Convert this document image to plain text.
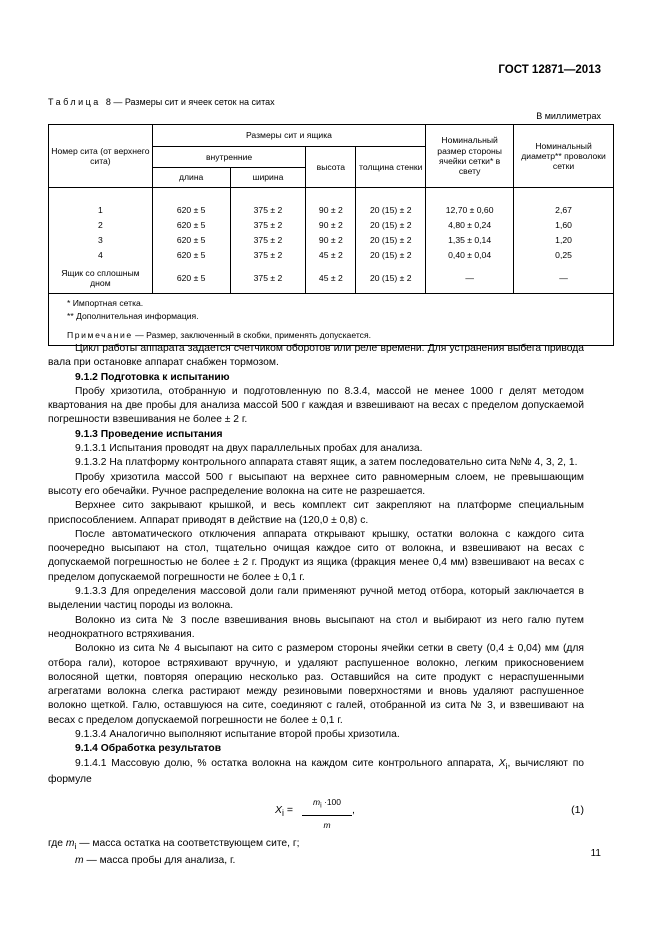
ГОСТ 12871—2013
Таблица 8 — Размеры сит и ячеек сеток на ситах
В миллиметрах
Номер сита (от верхнего сита)	Размеры сит и ящика				Номинальный размер стороны ячейки сетки* в свету	Номинальный диаметр** проволоки сетки
	внутренние		высота	толщина стенки		
	длина	ширина				

1	620 ± 5	375 ± 2	90 ± 2	20 (15) ± 2	12,70 ± 0,60	2,67
2	620 ± 5	375 ± 2	90 ± 2	20 (15) ± 2	4,80 ± 0,24	1,60
3	620 ± 5	375 ± 2	90 ± 2	20 (15) ± 2	1,35 ± 0,14	1,20
4	620 ± 5	375 ± 2	45 ± 2	20 (15) ± 2	0,40 ± 0,04	0,25
Ящик со сплошным дном	620 ± 5	375 ± 2	45 ± 2	20 (15) ± 2	—	—

* Импортная сетка.
** Дополнительная информация.
Примечание — Размер, заключенный в скобки, применять допускается.						

Цикл работы аппарата задается счетчиком оборотов или реле времени. Для устранения выбега привода вала при остановке аппарат снабжен тормозом.

9.1.2 Подготовка к испытанию

Пробу хризотила, отобранную и подготовленную по 8.3.4, массой не менее 1000 г делят методом квартования на две пробы для анализа массой 500 г каждая и взвешивают на весах с пределом допускаемой погрешности взвешивания не более ± 2 г.

9.1.3 Проведение испытания

9.1.3.1 Испытания проводят на двух параллельных пробах для анализа.

9.1.3.2 На платформу контрольного аппарата ставят ящик, а затем последовательно сита №№ 4, 3, 2, 1.

Пробу хризотила массой 500 г высыпают на верхнее сито равномерным слоем, не превышающим высоту его обечайки. Ручное распределение волокна на сите не разрешается.

Верхнее сито закрывают крышкой, и весь комплект сит закрепляют на платформе специальным приспособлением. Аппарат приводят в действие на (120,0 ± 0,8) с.

После автоматического отключения аппарата открывают крышку, остатки волокна с каждого сита поочередно высыпают на стол, тщательно очищая каждое сито от волокна, и взвешивают на весах с допускаемой погрешностью не более ± 2 г. Продукт из ящика (фракция менее 0,4 мм) взвешивают на весах с пределом допускаемой погрешности не более ± 0,1 г.

9.1.3.3 Для определения массовой доли гали применяют ручной метод отбора, который заключается в выделении частиц породы из волокна.

Волокно из сита № 3 после взвешивания вновь высыпают на стол и выбирают из него галю путем неоднократного встряхивания.

Волокно из сита № 4 высыпают на сито с размером стороны ячейки сетки в свету (0,4 ± 0,04) мм (для отбора гали), которое встряхивают вручную, и удаляют распушенное волокно, легким прикосновением волосяной щетки, повторяя операцию несколько раз. Оставшийся на сите продукт с нераспушенными агрегатами волокна слегка растирают между резиновыми поверхностями и вновь удаляют распушенное волокно щеткой. Галю, оставшуюся на сите, соединяют с галей, отобранной из сита № 3, и взвешивают на весах с пределом допускаемой погрешности не более ± 0,1 г.

9.1.3.4 Аналогично выполняют испытание второй пробы хризотила.

9.1.4 Обработка результатов

9.1.4.1 Массовую долю, % остатка волокна на каждом сите контрольного аппарата, $X_i$, вычисляют по формуле

$X_i = \frac{m_i \cdot 100}{m}$ ,	(1)

где $m_i$ — масса остатка на соответствующем сите, г;

m — масса пробы для анализа, г.

11
